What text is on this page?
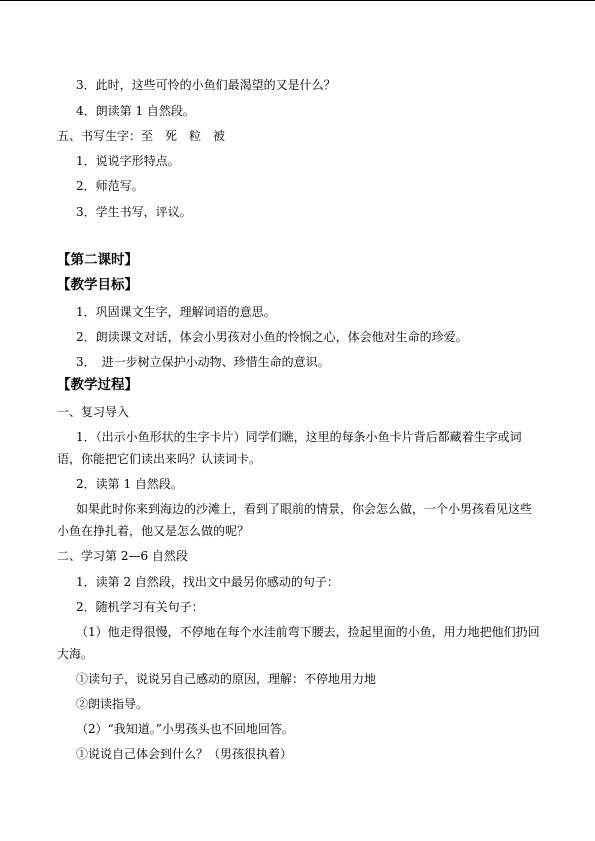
3．此时，这些可怜的小鱼们最渴望的又是什么？
4．朗读第 1 自然段。
五、书写生字：至　死　粒　被
1．说说字形特点。
2．师范写。
3．学生书写，评议。
【第二课时】
【教学目标】
1．巩固课文生字，理解词语的意思。
2．朗读课文对话，体会小男孩对小鱼的怜悯之心，体会他对生命的珍爱。
3．　进一步树立保护小动物、珍惜生命的意识。
【教学过程】
一、复习导入
1．（出示小鱼形状的生字卡片）同学们瞧，这里的每条小鱼卡片背后都藏着生字或词
语，你能把它们读出来吗？认读词卡。
2．读第 1 自然段。
如果此时你来到海边的沙滩上，看到了眼前的情景，你会怎么做，一个小男孩看见这些
小鱼在挣扎着，他又是怎么做的呢？
二、学习第 2—6 自然段
1．读第 2 自然段，找出文中最另你感动的句子：
2．随机学习有关句子：
（1）他走得很慢，不停地在每个水洼前弯下腰去，捡起里面的小鱼，用力地把他们扔回
大海。
①读句子，说说另自己感动的原因，理解：不停地用力地
②朗读指导。
（2）“我知道。”小男孩头也不回地回答。
①说说自己体会到什么？（男孩很执着）
